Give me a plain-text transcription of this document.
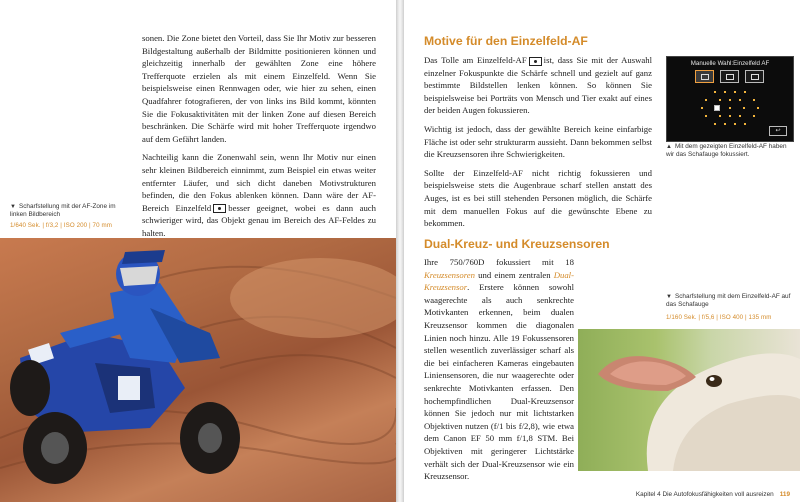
sonen. Die Zone bietet den Vorteil, dass Sie Ihr Motiv zur besseren Bildgestaltung außerhalb der Bildmitte positionieren können und gleichzeitig innerhalb der gewählten Zone eine höhere Trefferquote erzielen als mit einem Einzelfeld. Wenn Sie beispielsweise einen Rennwagen oder, wie hier zu sehen, einen Quadfahrer fotografieren, der von links ins Bild kommt, könnten Sie die Fokusaktivitäten mit der linken Zone auf diesen Bereich beschränken. Die Schärfe wird mit hoher Trefferquote irgendwo auf dem Gefährt landen.

Nachteilig kann die Zonenwahl sein, wenn Ihr Motiv nur einen sehr kleinen Bildbereich einnimmt, zum Beispiel ein etwas weiter entfernter Läufer, und sich dicht daneben Motivstrukturen befinden, die den Fokus ablenken können. Dann wäre der AF-Bereich Einzelfeld besser geeignet, wobei es dann auch schwieriger wird, das Objekt genau im Bereich des AF-Feldes zu halten.

▼ Scharfstellung mit der AF-Zone im linken Bildbereich
1/640 Sek. | f/3,2 | ISO 200 | 70 mm
Motive für den Einzelfeld-AF

Das Tolle am Einzelfeld-AF ist, dass Sie mit der Auswahl einzelner Fokuspunkte die Schärfe schnell und gezielt auf ganz bestimmte Bildstellen lenken können. So können Sie beispielsweise bei Porträts von Mensch und Tier exakt auf eines der beiden Augen fokussieren.

Wichtig ist jedoch, dass der gewählte Bereich keine einfarbige Fläche ist oder sehr strukturarm aussieht. Dann bekommen selbst die Kreuzsensoren ihre Schwierigkeiten.

Sollte der Einzelfeld-AF nicht richtig fokussieren und beispielsweise stets die Augenbraue scharf stellen anstatt des Auges, ist es bei still stehenden Personen möglich, die Schärfe mit dem manuellen Fokus auf die gewünschte Ebene zu bekommen.

Manuelle Wahl:Einzelfeld AF
↩
▲ Mit dem gezeigten Einzelfeld-AF haben wir das Schafauge fokussiert.
Dual-Kreuz- und Kreuzsensoren

Ihre 750/760D fokussiert mit 18 Kreuzsensoren und einem zentralen Dual-Kreuzsensor. Erstere können sowohl waagerechte als auch senkrechte Motivkanten erkennen, beim dualen Kreuzsensor kommen die diagonalen Linien noch hinzu. Alle 19 Fokussensoren stellen wesentlich zuverlässiger scharf als die bei einfacheren Kameras eingebauten Liniensensoren, die nur waagerechte oder senkrechte Motivkanten erfassen. Den hochempfindlichen Dual-Kreuzsensor können Sie jedoch nur mit lichtstarken Objektiven nutzen (f/1 bis f/2,8), wie etwa dem Canon EF 50 mm f/1,8 STM. Bei Objektiven mit geringerer Lichtstärke verhält sich der Dual-Kreuzsensor wie ein Kreuzsensor.

▼ Scharfstellung mit dem Einzelfeld-AF auf das Schafauge
1/160 Sek. | f/5,6 | ISO 400 | 135 mm
Kapitel 4 Die Autofokusfähigkeiten voll ausreizen 119
